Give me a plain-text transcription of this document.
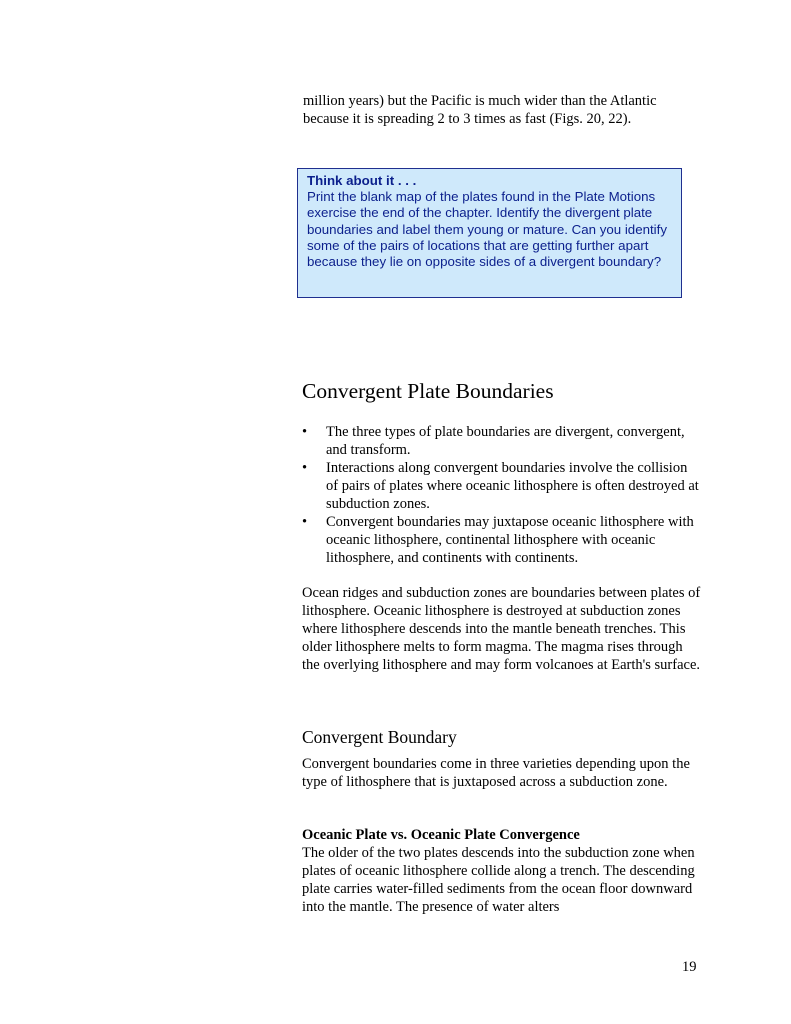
million years) but the Pacific is much wider than the Atlantic because it is spreading 2 to 3 times as fast (Figs. 20, 22).

Think about it . . .

Print the blank map of the plates found in the Plate Motions exercise the end of the chapter. Identify the divergent plate boundaries and label them young or mature. Can you identify some of the pairs of locations that are getting further apart because they lie on opposite sides of a divergent boundary?

Convergent Plate Boundaries
• The three types of plate boundaries are divergent, convergent, and transform.
• Interactions along convergent boundaries involve the collision of pairs of plates where oceanic lithosphere is often destroyed at subduction zones.
• Convergent boundaries may juxtapose oceanic lithosphere with oceanic lithosphere, continental lithosphere with oceanic lithosphere, and continents with continents.

Ocean ridges and subduction zones are boundaries between plates of lithosphere. Oceanic lithosphere is destroyed at subduction zones where lithosphere descends into the mantle beneath trenches. This older lithosphere melts to form magma. The magma rises through the overlying lithosphere and may form volcanoes at Earth's surface.

Convergent Boundary

Convergent boundaries come in three varieties depending upon the type of lithosphere that is juxtaposed across a subduction zone.

Oceanic Plate vs. Oceanic Plate Convergence

The older of the two plates descends into the subduction zone when plates of oceanic lithosphere collide along a trench. The descending plate carries water-filled sediments from the ocean floor downward into the mantle. The presence of water alters

19
